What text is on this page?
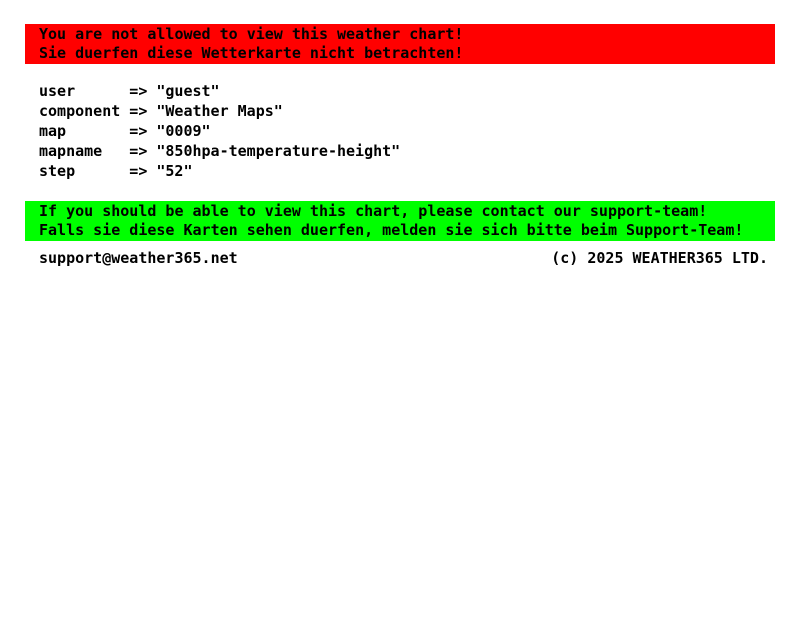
You are not allowed to view this weather chart!
Sie duerfen diese Wetterkarte nicht betrachten!
user	=> "guest"
component => "Weather Maps"
map	=> "0009"
mapname	=> "850hpa-temperature-height"
step	=> "52"
If you should be able to view this chart, please contact our support-team!
Falls sie diese Karten sehen duerfen, melden sie sich bitte beim Support-Team!
support@weather365.net	(c) 2025 WEATHER365 LTD.
